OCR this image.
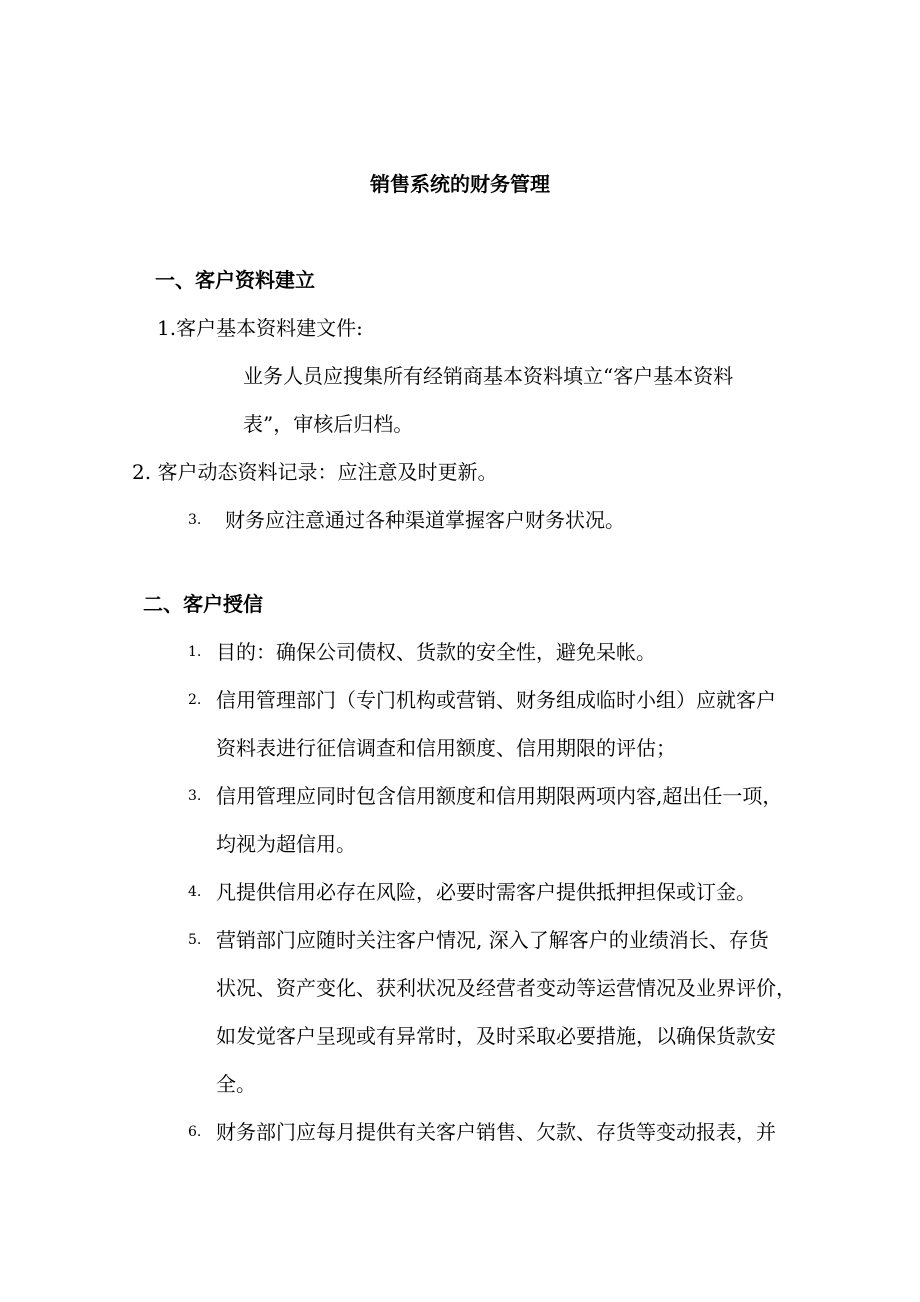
销售系统的财务管理
一、客户资料建立
1.客户基本资料建文件:
业务人员应搜集所有经销商基本资料填立“客户基本资料
表”，审核后归档。
2. 客户动态资料记录：应注意及时更新。
3. 财务应注意通过各种渠道掌握客户财务状况。
二、客户授信
1. 目的：确保公司债权、货款的安全性，避免呆帐。
2. 信用管理部门（专门机构或营销、财务组成临时小组）应就客户
资料表进行征信调查和信用额度、信用期限的评估；
3. 信用管理应同时包含信用额度和信用期限两项内容,超出任一项，
均视为超信用。
4. 凡提供信用必存在风险，必要时需客户提供抵押担保或订金。
5. 营销部门应随时关注客户情况, 深入了解客户的业绩消长、存货
状况、资产变化、获利状况及经营者变动等运营情况及业界评价，
如发觉客户呈现或有异常时，及时采取必要措施，以确保货款安
全。
6. 财务部门应每月提供有关客户销售、欠款、存货等变动报表，并
